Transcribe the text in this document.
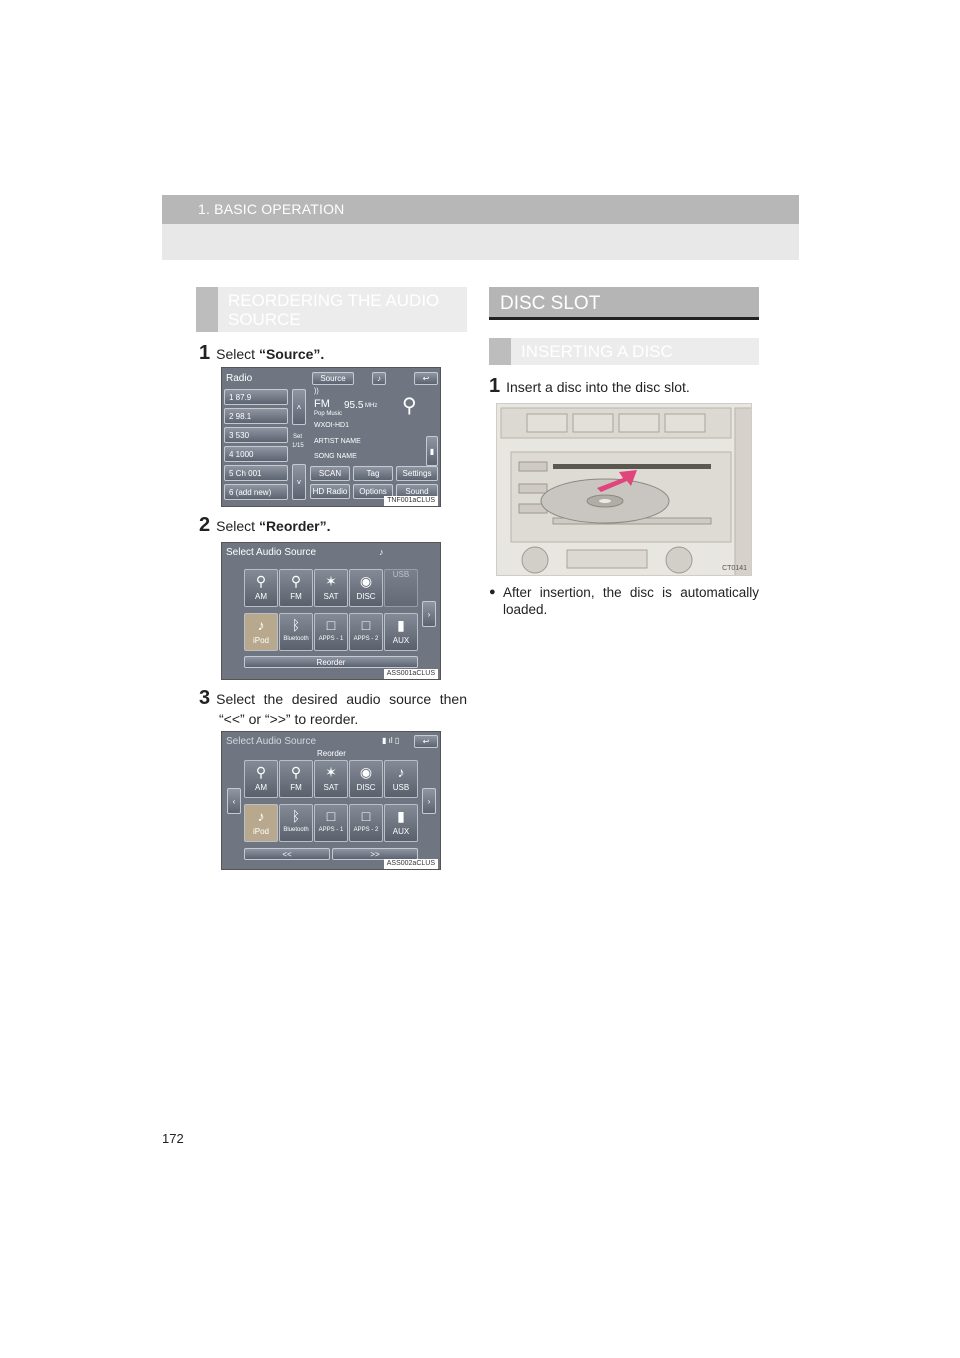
1. BASIC OPERATION
REORDERING THE AUDIO
SOURCE
1 Select “Source”.
Radio	Source	♪	↩
1 87.9
2 98.1
3 530
4 1000
5 Ch 001
6 (add new)
˄
Set
1/15
˅
))
FM 95.5 MHz
Pop Music
WXOI-HD1
ARTIST NAME
SONG NAME
⚲
▮
SCAN	Tag	Settings
HD Radio	Options	Sound
TNF001aCLUS
2 Select “Reorder”.
Select Audio Source	♪
⚲
AM
⚲
FM
✶
SAT
◉
DISC
USB
›
♪
iPod
ᛒ
Bluetooth
□
APPS - 1
□
APPS - 2
▮
AUX
Reorder
ASS001aCLUS
3 Select the desired audio source then
“<<” or “>>” to reorder.
Select Audio Source
Reorder
▮ ıl ▯	↩
‹
⚲
AM
⚲
FM
✶
SAT
◉
DISC
♪
USB
›
♪
iPod
ᛒ
Bluetooth
□
APPS - 1
□
APPS - 2
▮
AUX
<<	>>
ASS002aCLUS
DISC SLOT
INSERTING A DISC
1 Insert a disc into the disc slot.
CT0141
● After insertion, the disc is automatically loaded.
172
